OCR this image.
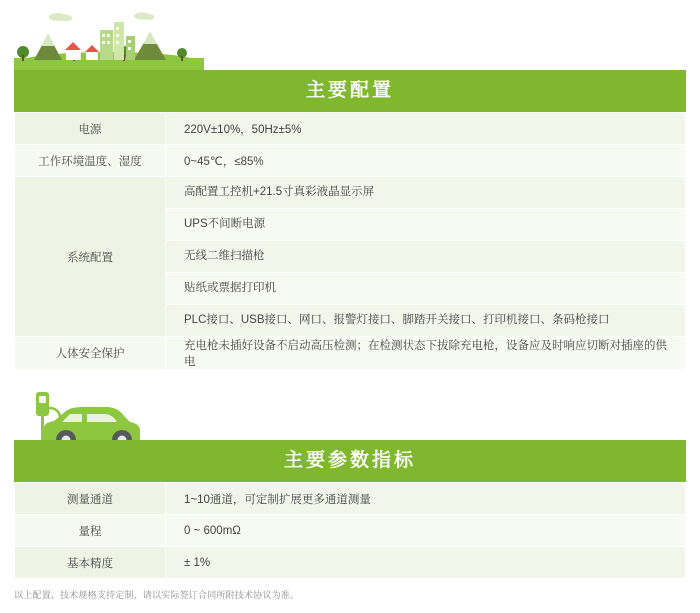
主要配置
电源	220V±10%，50Hz±5%
工作环境温度、湿度	0~45℃，≤85%
系统配置	高配置工控机+21.5寸真彩液晶显示屏
UPS不间断电源
无线二维扫描枪
贴纸或票据打印机
PLC接口、USB接口、网口、报警灯接口、脚踏开关接口、打印机接口、条码枪接口

人体安全保护	充电枪未插好设备不启动高压检测；在检测状态下拔除充电枪，设备应及时响应切断对插座的供电
主要参数指标
测量通道	1~10通道，可定制扩展更多通道测量
量程	0 ~ 600mΩ
基本精度	± 1%
以上配置、技术规格支持定制，请以实际签订合同所附技术协议为准。
